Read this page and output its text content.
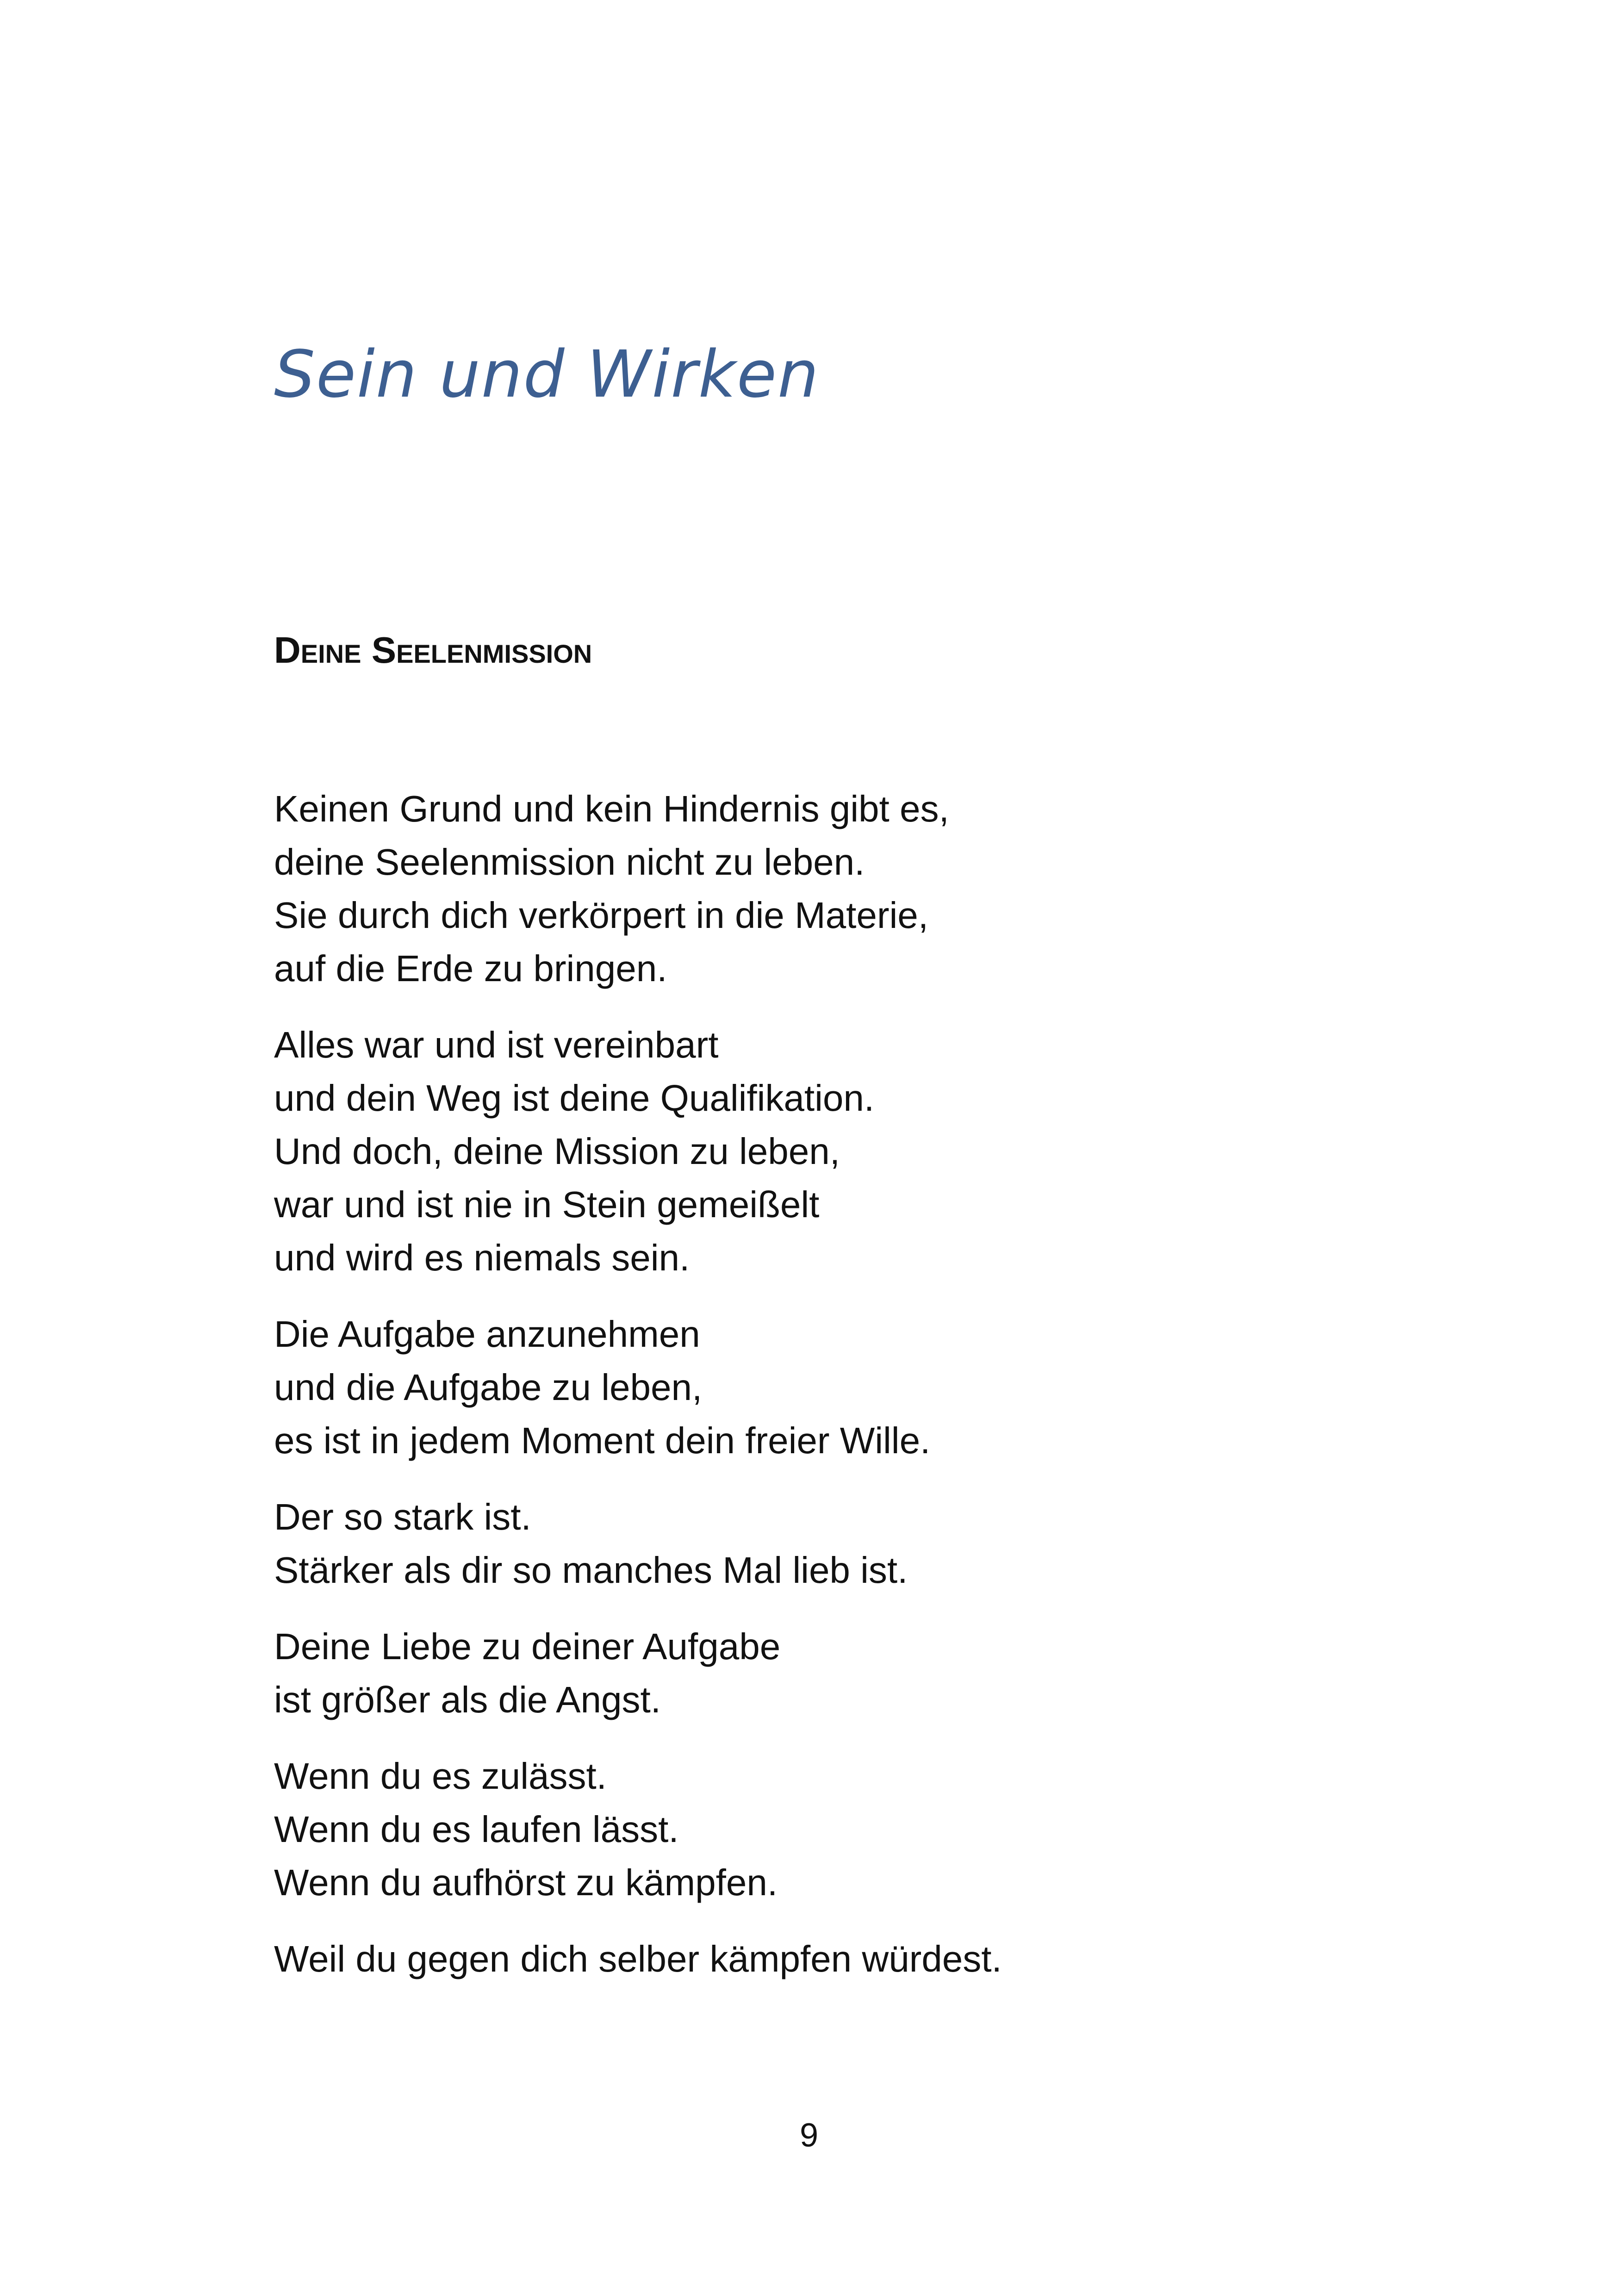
Sein und Wirken
Deine Seelenmission

Keinen Grund und kein Hindernis gibt es,
deine Seelenmission nicht zu leben.
Sie durch dich verkörpert in die Materie,
auf die Erde zu bringen.

Alles war und ist vereinbart
und dein Weg ist deine Qualifikation.
Und doch, deine Mission zu leben,
war und ist nie in Stein gemeißelt
und wird es niemals sein.

Die Aufgabe anzunehmen
und die Aufgabe zu leben,
es ist in jedem Moment dein freier Wille.

Der so stark ist.
Stärker als dir so manches Mal lieb ist.

Deine Liebe zu deiner Aufgabe
ist größer als die Angst.

Wenn du es zulässt.
Wenn du es laufen lässt.
Wenn du aufhörst zu kämpfen.

Weil du gegen dich selber kämpfen würdest.

9
